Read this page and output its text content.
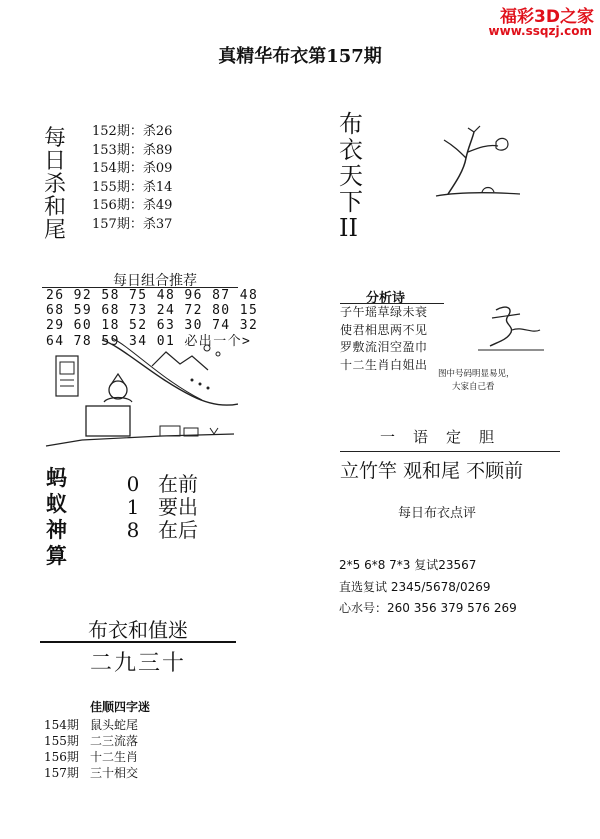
福彩3D之家
www.ssqzj.com
真精华布衣第157期
每
日
杀
和
尾
152期：杀26
153期：杀89
154期：杀09
155期：杀14
156期：杀49
157期：杀37
布
衣
天
下
II
每日组合推荐
26 92 58 75 48 96 87 48
68 59 68 73 24 72 80 15
29 60 18 52 63 30 74 32
64 78 59 34 01 必出一个>
分析诗
子午瑶草绿未衰
使君相思两不见
罗敷流泪空盈巾
十二生肖白姐出
图中号码明显易见，
大家自己看
一语定胆
立竹竿 观和尾 不顾前
蚂
蚁
神
算
0 在前
1 要出
8 在后
每日布衣点评
2*5 6*8 7*3 复试23567
直选复试 2345/5678/0269
心水号：260 356 379 576 269
布衣和值迷
二九三十
佳顺四字迷
154期 鼠头蛇尾
155期 二三流落
156期 十二生肖
157期 三十相交
